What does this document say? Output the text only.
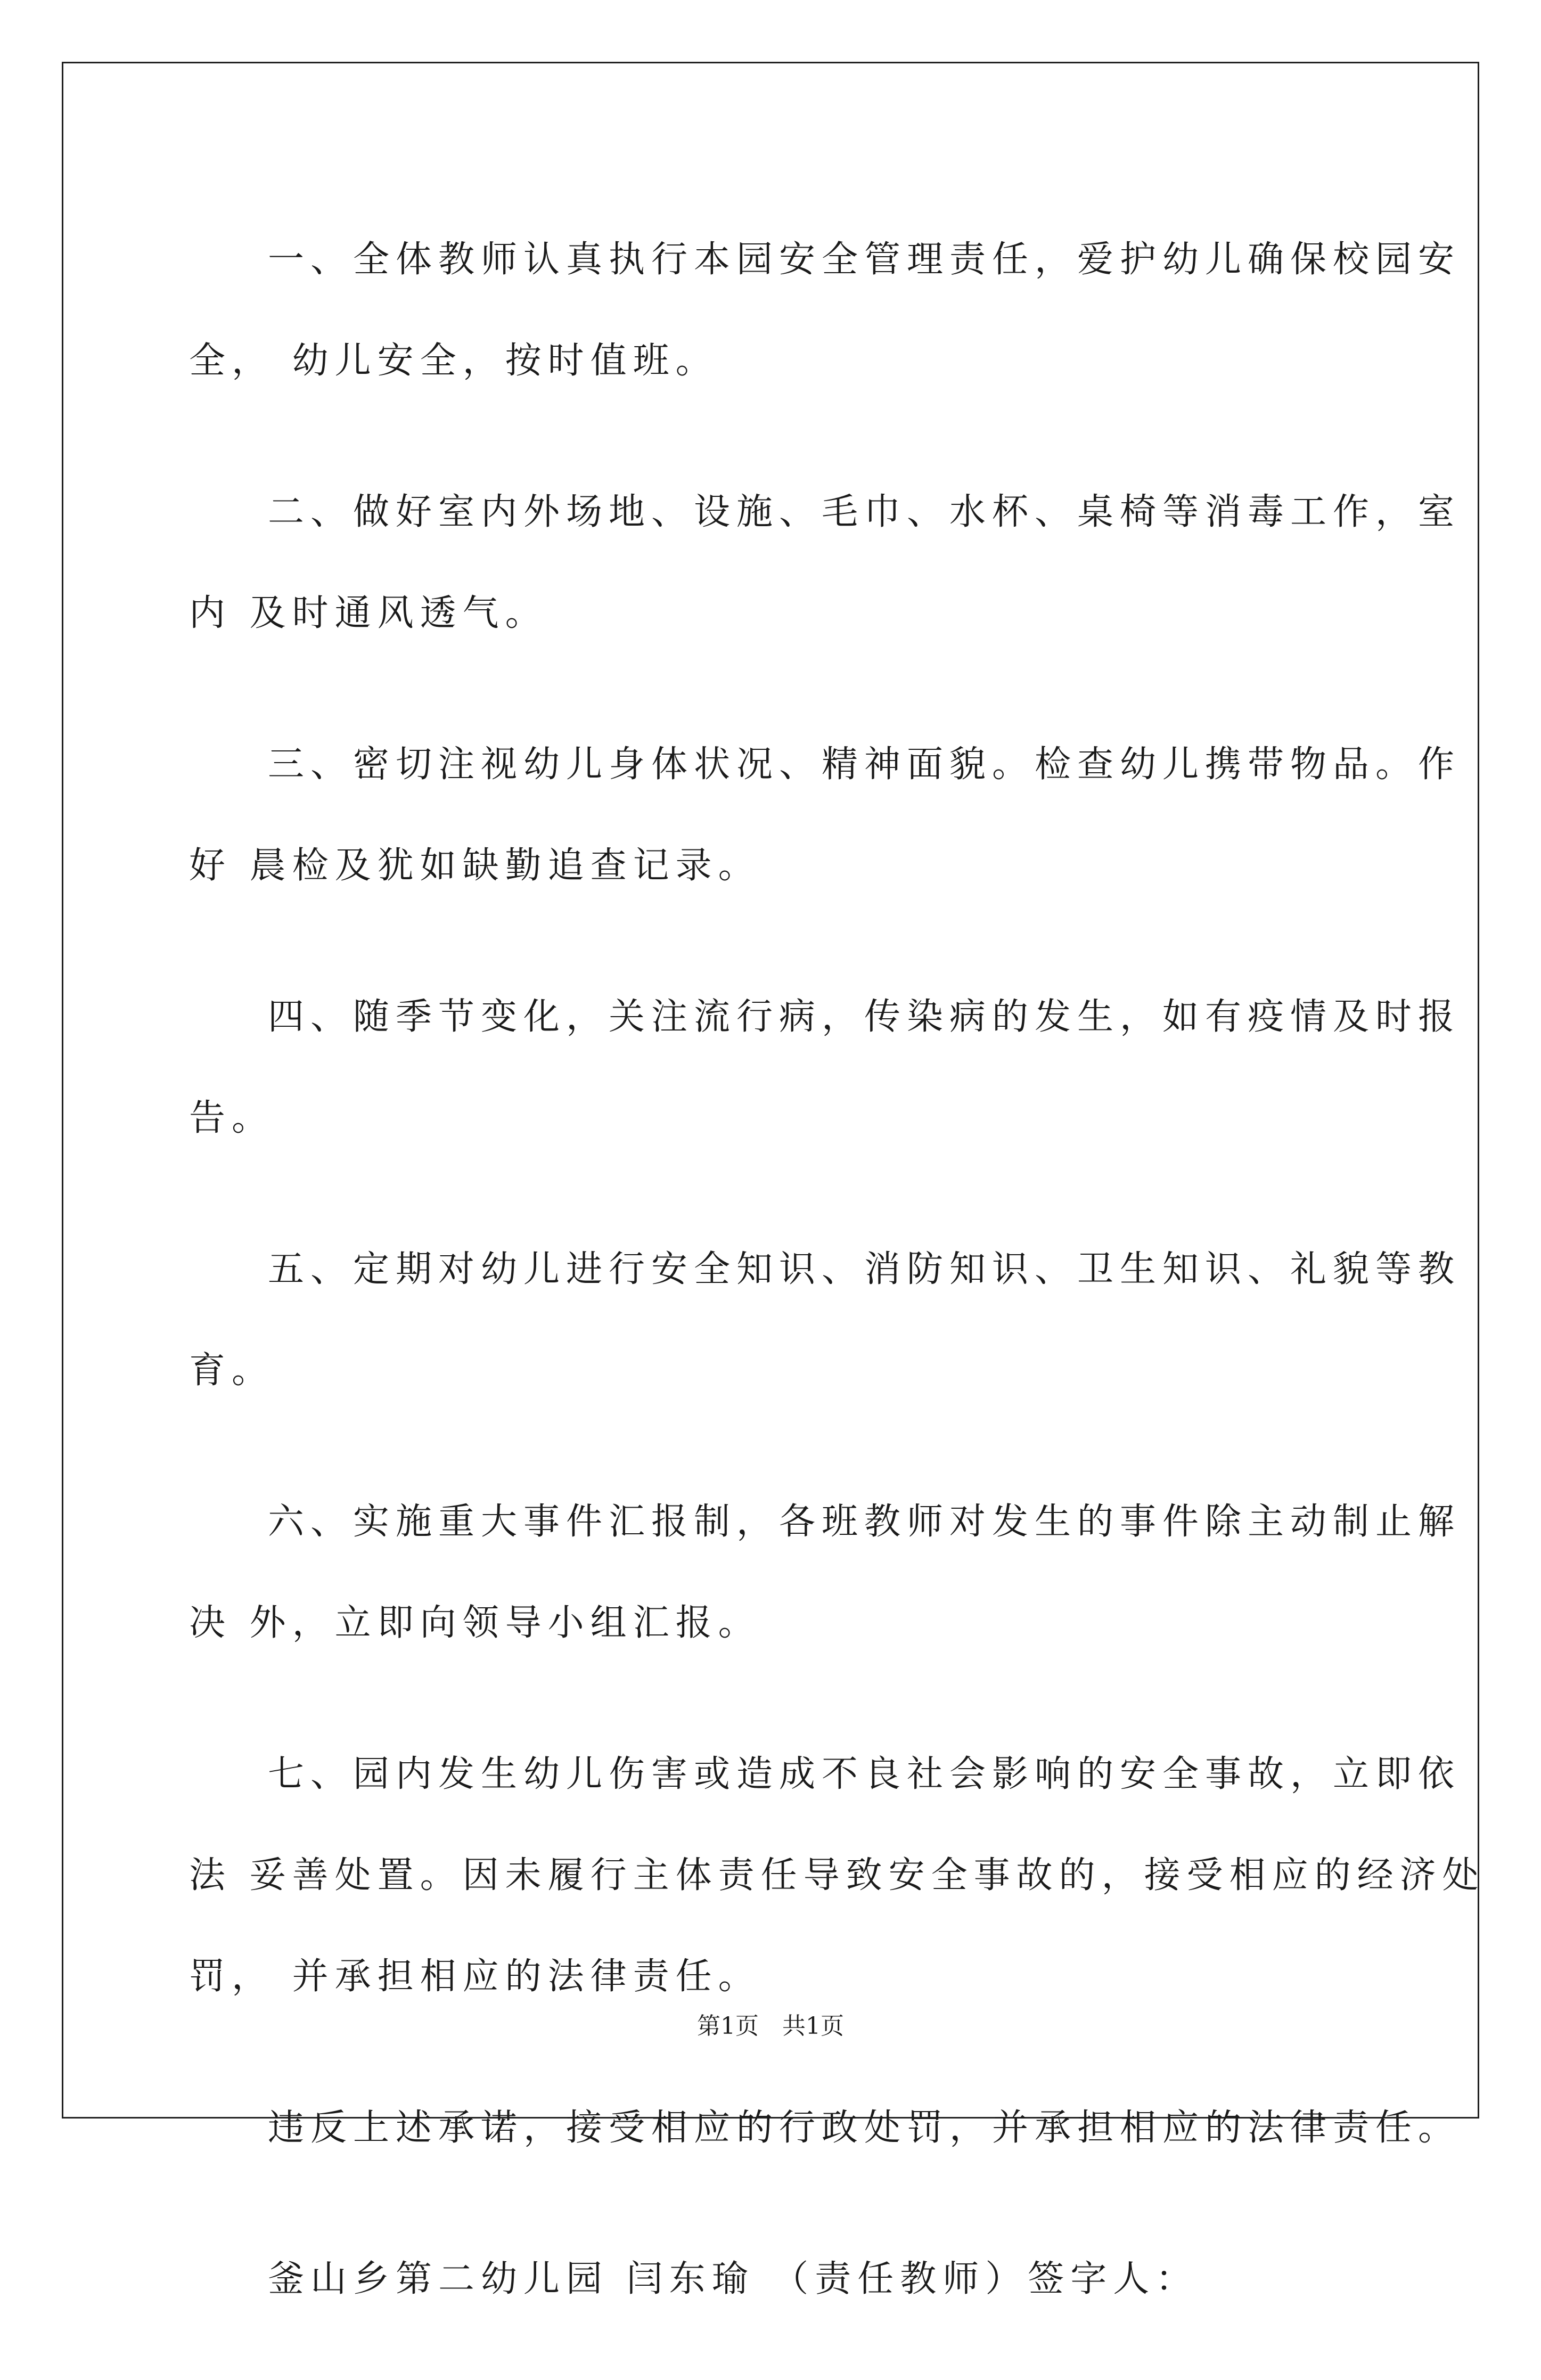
一、全体教师认真执行本园安全管理责任，爱护幼儿确保校园安
全， 幼儿安全，按时值班。

二、做好室内外场地、设施、毛巾、水杯、桌椅等消毒工作，室
内 及时通风透气。

三、密切注视幼儿身体状况、精神面貌。检查幼儿携带物品。作
好 晨检及犹如缺勤追查记录。

四、随季节变化，关注流行病，传染病的发生，如有疫情及时报
告。

五、定期对幼儿进行安全知识、消防知识、卫生知识、礼貌等教
育。

六、实施重大事件汇报制，各班教师对发生的事件除主动制止解
决 外，立即向领导小组汇报。

七、园内发生幼儿伤害或造成不良社会影响的安全事故，立即依
法 妥善处置。因未履行主体责任导致安全事故的，接受相应的经济处
罚， 并承担相应的法律责任。

违反上述承诺，接受相应的行政处罚，并承担相应的法律责任。

釜山乡第二幼儿园 闫东瑜 （责任教师）签字人：

第1页　共1页
